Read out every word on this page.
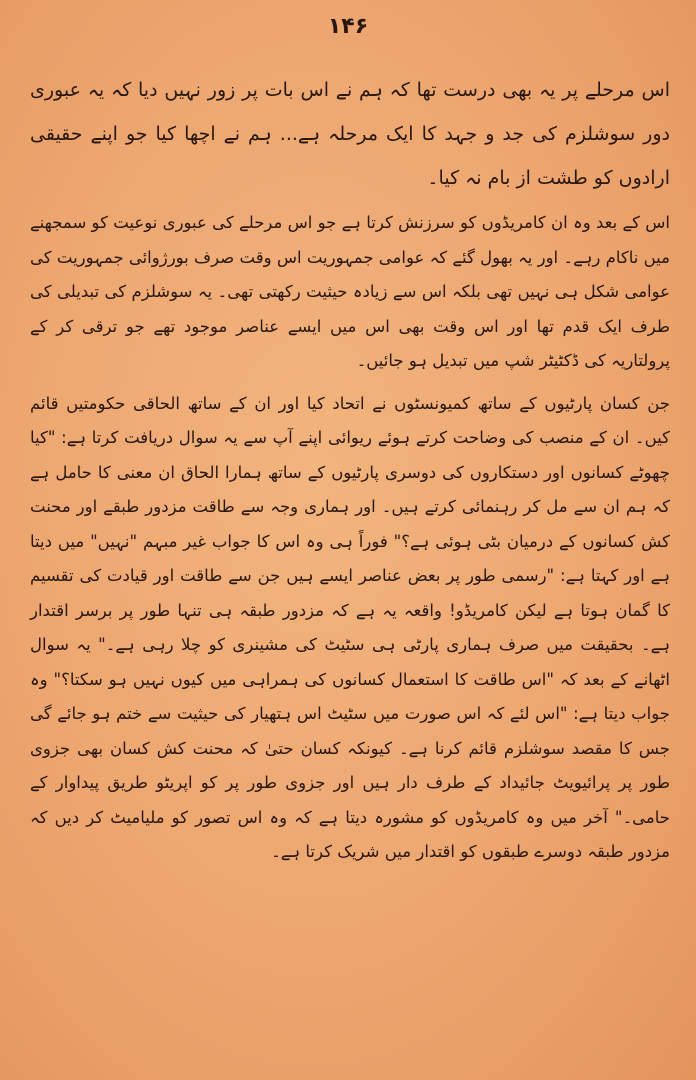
۱۴۶

اس مرحلے پر یہ بھی درست تھا کہ ہم نے اس بات پر زور نہیں دیا کہ یہ عبوری دور سوشلزم کی جد و جہد کا ایک مرحلہ ہے... ہم نے اچھا کیا جو اپنے حقیقی ارادوں کو طشت از بام نہ کیا۔

اس کے بعد وہ ان کامریڈوں کو سرزنش کرتا ہے جو اس مرحلے کی عبوری نوعیت کو سمجھنے میں ناکام رہے۔ اور یہ بھول گئے کہ عوامی جمہوریت اس وقت صرف بورژوائی جمہوریت کی عوامی شکل ہی نہیں تھی بلکہ اس سے زیادہ حیثیت رکھتی تھی۔ یہ سوشلزم کی تبدیلی کی طرف ایک قدم تھا اور اس وقت بھی اس میں ایسے عناصر موجود تھے جو ترقی کر کے پرولتاریہ کی ڈکٹیٹر شپ میں تبدیل ہو جائیں۔

جن کسان پارٹیوں کے ساتھ کمیونسٹوں نے اتحاد کیا اور ان کے ساتھ الحاقی حکومتیں قائم کیں۔ ان کے منصب کی وضاحت کرتے ہوئے ریوائی اپنے آپ سے یہ سوال دریافت کرتا ہے: "کیا چھوٹے کسانوں اور دستکاروں کی دوسری پارٹیوں کے ساتھ ہمارا الحاق ان معنی کا حامل ہے کہ ہم ان سے مل کر رہنمائی کرتے ہیں۔ اور ہماری وجہ سے طاقت مزدور طبقے اور محنت کش کسانوں کے درمیان بٹی ہوئی ہے؟" فوراً ہی وہ اس کا جواب غیر مبہم "نہیں" میں دیتا ہے اور کہتا ہے: "رسمی طور پر بعض عناصر ایسے ہیں جن سے طاقت اور قیادت کی تقسیم کا گمان ہوتا ہے لیکن کامریڈو! واقعہ یہ ہے کہ مزدور طبقہ ہی تنہا طور پر برسر اقتدار ہے۔ بحقیقت میں صرف ہماری پارٹی ہی سٹیٹ کی مشینری کو چلا رہی ہے۔" یہ سوال اٹھانے کے بعد کہ "اس طاقت کا استعمال کسانوں کی ہمراہی میں کیوں نہیں ہو سکتا؟" وہ جواب دیتا ہے: "اس لئے کہ اس صورت میں سٹیٹ اس ہتھیار کی حیثیت سے ختم ہو جائے گی جس کا مقصد سوشلزم قائم کرنا ہے۔ کیونکہ کسان حتیٰ کہ محنت کش کسان بھی جزوی طور پر پرائیویٹ جائیداد کے طرف دار ہیں اور جزوی طور پر کو اپریٹو طریق پیداوار کے حامی۔" آخر میں وہ کامریڈوں کو مشورہ دیتا ہے کہ وہ اس تصور کو ملیامیٹ کر دیں کہ مزدور طبقہ دوسرے طبقوں کو اقتدار میں شریک کرتا ہے۔
